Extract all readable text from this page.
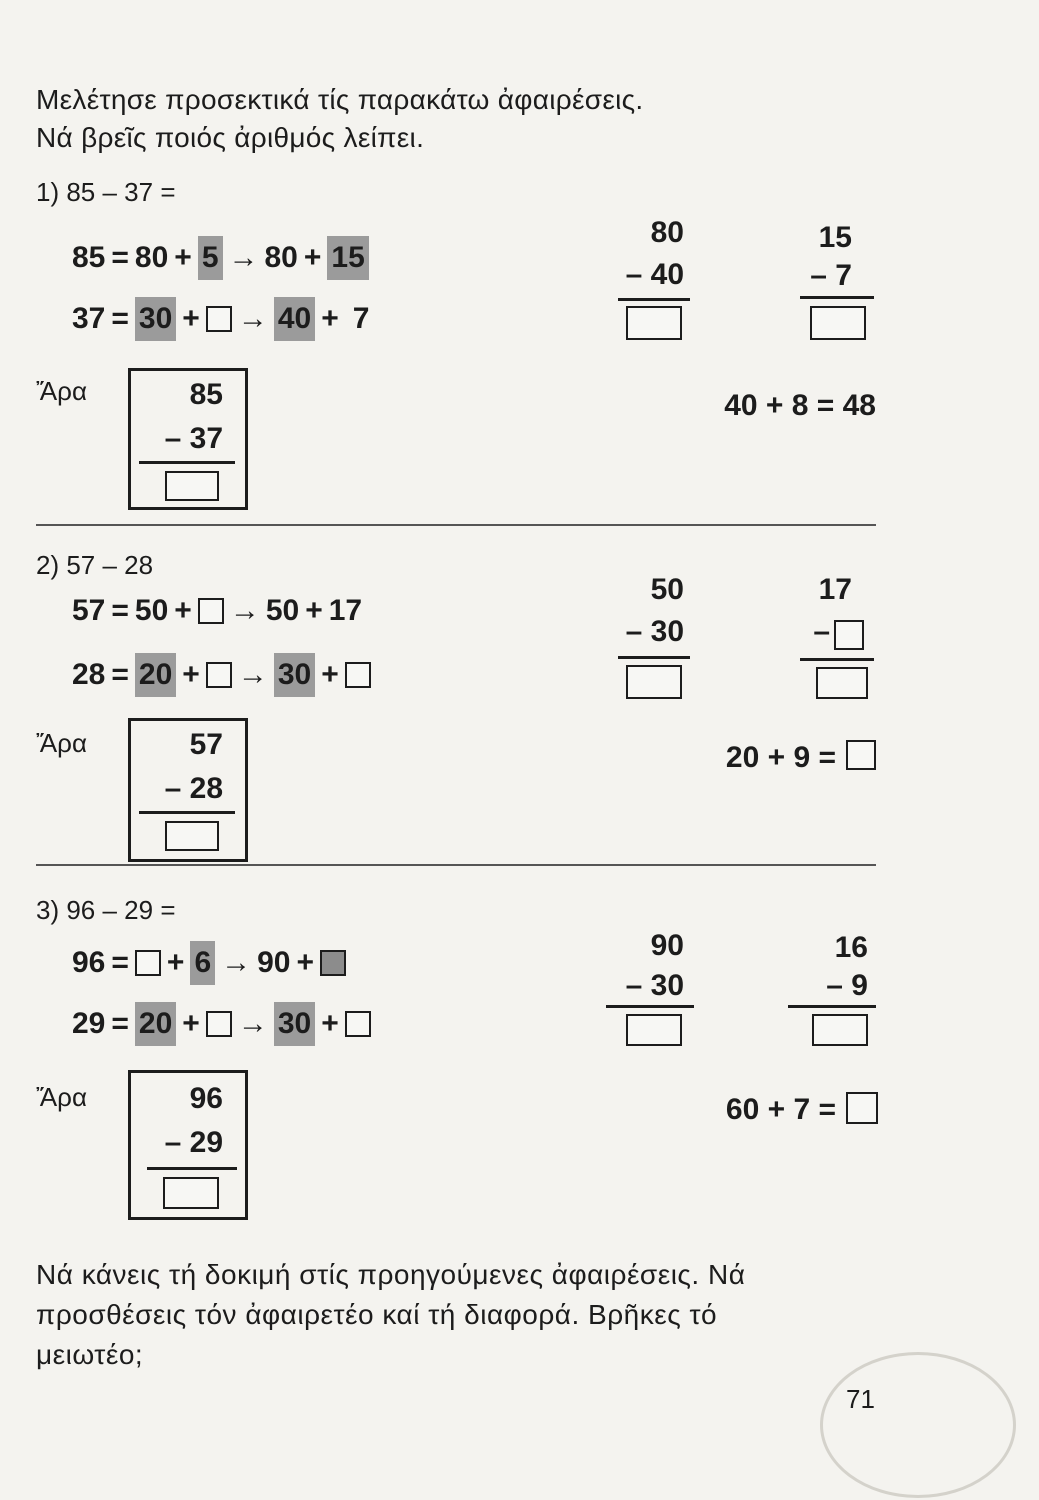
Μελέτησε προσεκτικά τίς παρακάτω ἀφαιρέσεις.
Νά βρεῖς ποιός ἀριθμός λείπει.
1) 85 – 37 =
85 = 80 + 5 → 80 + 15
37 = 30 + → 40 + 7
Ἄρα	85
– 37
80
– 40
15
– 7
40 + 8 = 48
2) 57 – 28
57 = 50 + → 50 + 17
28 = 20 + → 30 +
Ἄρα	57
– 28
50
– 30
17
–
20 + 9 =
3) 96 – 29 =
96 = + 6 → 90 +
29 = 20 + → 30 +
Ἄρα	96
– 29
90
– 30
16
– 9
60 + 7 =
Νά κάνεις τή δοκιμή στίς προηγούμενες ἀφαιρέσεις. Νά
προσθέσεις τόν ἀφαιρετέο καί τή διαφορά. Βρῆκες τό
μειωτέο;
71
